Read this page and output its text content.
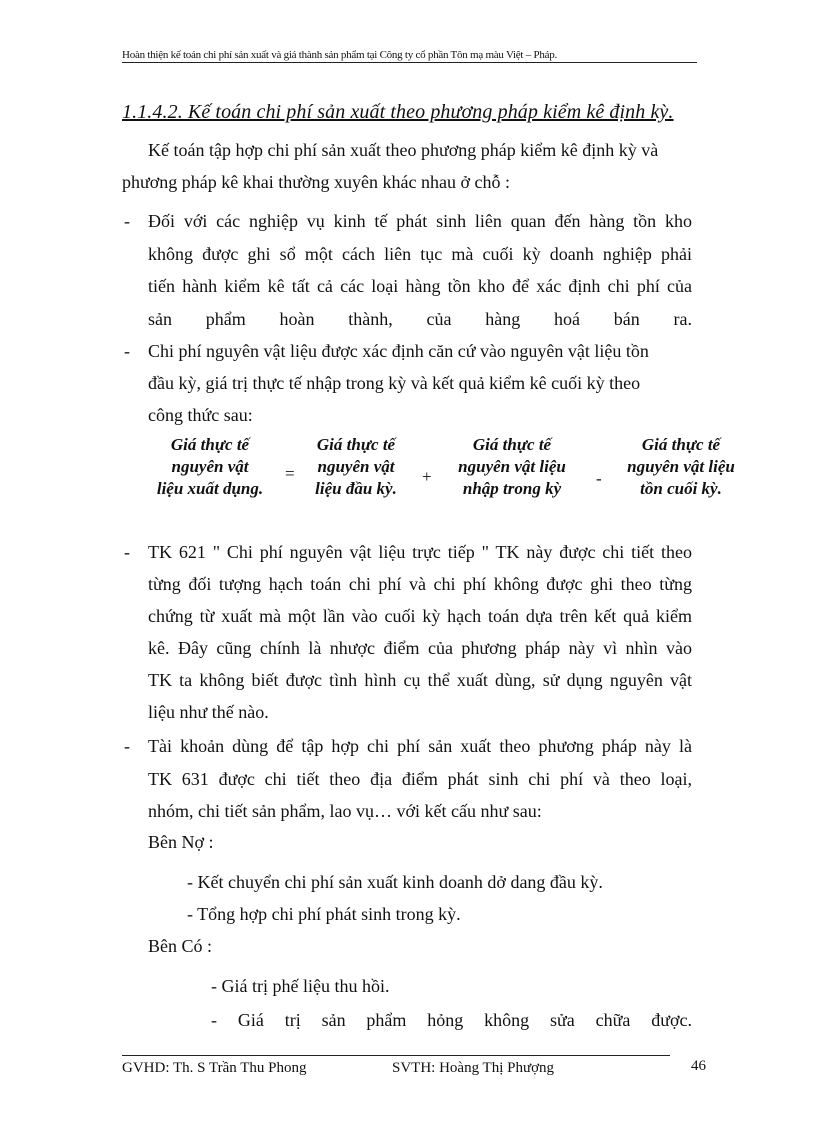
Hoàn thiện kế toán chi phí sản xuất và giá thành sản phẩm tại Công ty cổ phần Tôn mạ màu Việt – Pháp.
1.1.4.2. Kế toán chi phí sản xuất theo phương pháp kiểm kê định kỳ.
Kế toán tập hợp chi phí sản xuất theo phương pháp kiểm kê định kỳ và
phương pháp kê khai thường xuyên khác nhau ở chỗ :
- Đối với các nghiệp vụ kinh tế phát sinh liên quan đến hàng tồn kho
không được ghi sổ một cách liên tục mà cuối kỳ doanh nghiệp phải
tiến hành kiểm kê tất cả các loại hàng tồn kho để xác định chi phí của
sản phẩm hoàn thành, của hàng hoá bán ra.
- Chi phí nguyên vật liệu được xác định căn cứ vào nguyên vật liệu tồn
đầu kỳ, giá trị thực tế nhập trong kỳ và kết quả kiểm kê cuối kỳ theo
công thức sau:
Giá thực tế
nguyên vật
liệu xuất dụng.
=
Giá thực tế
nguyên vật
liệu đầu kỳ.
+
Giá thực tế
nguyên vật liệu
nhập trong kỳ
-
Giá thực tế
nguyên vật liệu
tồn cuối kỳ.
- TK 621 " Chi phí nguyên vật liệu trực tiếp " TK này được chi tiết theo
từng đối tượng hạch toán chi phí và chi phí không được ghi theo từng
chứng từ xuất mà một lần vào cuối kỳ hạch toán dựa trên kết quả kiểm
kê. Đây cũng chính là nhược điểm của phương pháp này vì nhìn vào
TK ta không biết được tình hình cụ thể xuất dùng, sử dụng nguyên vật
liệu như thế nào.
- Tài khoản dùng để tập hợp chi phí sản xuất theo phương pháp này là
TK 631 được chi tiết theo địa điểm phát sinh chi phí và theo loại,
nhóm, chi tiết sản phẩm, lao vụ… với kết cấu như sau:
Bên Nợ :
- Kết chuyển chi phí sản xuất kinh doanh dở dang đầu kỳ.
- Tổng hợp chi phí phát sinh trong kỳ.
Bên Có :
- Giá trị phế liệu thu hồi.
- Giá trị sản phẩm hỏng không sửa chữa được.
GVHD: Th. S Trần Thu Phong	SVTH: Hoàng Thị Phượng	46
